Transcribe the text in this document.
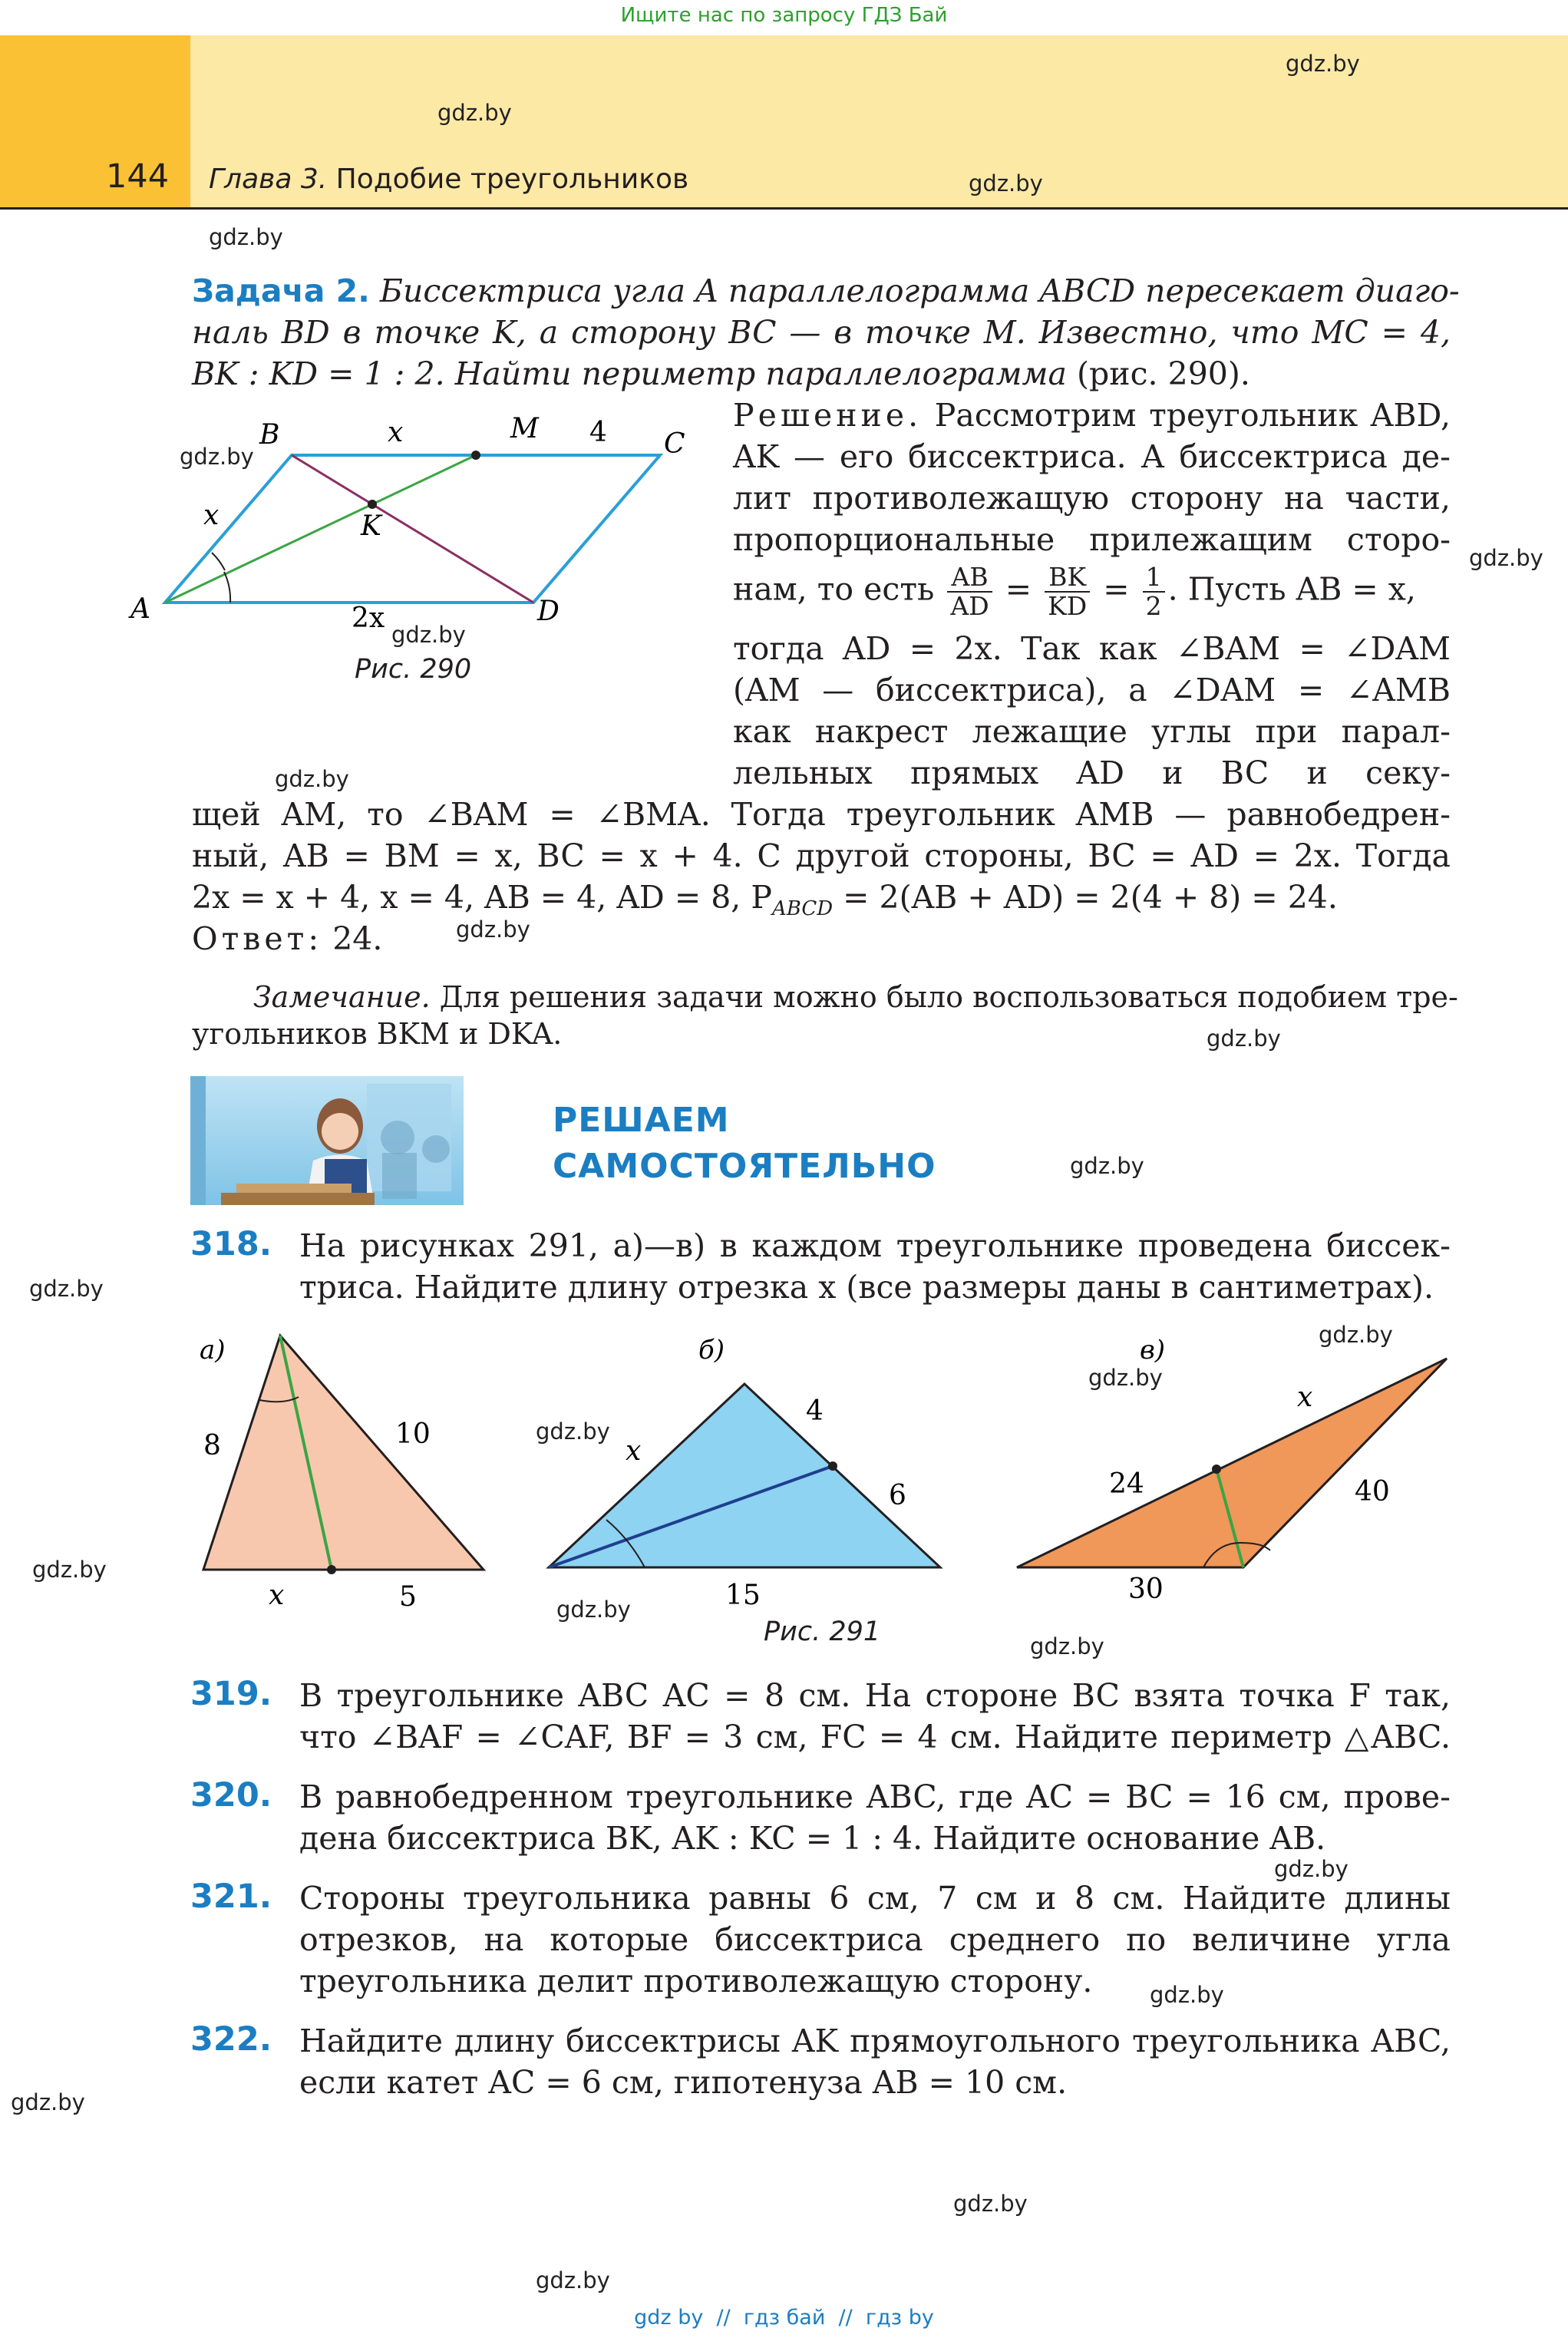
Ищите нас по запросу ГДЗ Бай
144 Глава 3. Подобие треугольников
gdz.by
gdz.by
gdz.by
gdz.by
gdz.by
gdz.by
gdz.by
gdz.by
gdz.by
gdz.by
gdz.by
gdz.by
gdz.by
gdz.by
gdz.by
gdz.by
gdz.by
gdz.by
gdz.by
gdz.by
gdz.by
gdz.by
gdz.by
Задача 2. Биссектриса угла A параллелограмма ABCD пересекает диаго-
наль BD в точке K, а сторону BC — в точке M. Известно, что MC = 4,
BK : KD = 1 : 2. Найти периметр параллелограмма (рис. 290).
A
B	C
D
K
M
x	4
x
2x
Рис. 290
Решение. Рассмотрим треугольник ABD,
AK — его биссектриса. А биссектриса де-
лит противолежащую сторону на части,
пропорциональные прилежащим сторо-
нам, то есть $\frac{AB}{AD} = \frac{BK}{KD} = \frac{1}{2}$ . Пусть AB = x,
тогда AD = 2x. Так как ∠BAM = ∠DAM
(AM — биссектриса), а ∠DAM = ∠AMB
как накрест лежащие углы при парал-
лельных прямых AD и BC и секу-
щей AM, то ∠BAM = ∠BMA. Тогда треугольник AMB — равнобедрен-
ный, AB = BM = x, BC = x + 4. С другой стороны, BC = AD = 2x. Тогда
2x = x + 4, x = 4, AB = 4, AD = 8, $P_{ABCD} = 2(AB + AD) = 2(4 + 8) = 24$.
Ответ: 24.
Замечание. Для решения задачи можно было воспользоваться подобием тре-
угольников BKM и DKA.
РЕШАЕМ
САМОСТОЯТЕЛЬНО
318. На рисунках 291, а)—в) в каждом треугольнике проведена биссек-
триса. Найдите длину отрезка x (все размеры даны в сантиметрах).
а)
8	10
x	5
б)
x
4
6
15
в)
x
24	40
30
Рис. 291
319. В треугольнике ABC AC = 8 см. На стороне BC взята точка F так,
что ∠BAF = ∠CAF, BF = 3 см, FC = 4 см. Найдите периметр △ABC.
320. В равнобедренном треугольнике ABC, где AC = BC = 16 см, прове-
дена биссектриса BK, AK : KC = 1 : 4. Найдите основание AB.
321. Стороны треугольника равны 6 см, 7 см и 8 см. Найдите длины
отрезков, на которые биссектриса среднего по величине угла
треугольника делит противолежащую сторону.
322. Найдите длину биссектрисы AK прямоугольного треугольника ABC,
если катет AC = 6 см, гипотенуза AB = 10 см.
gdz by  //  гдз бай  //  гдз by
